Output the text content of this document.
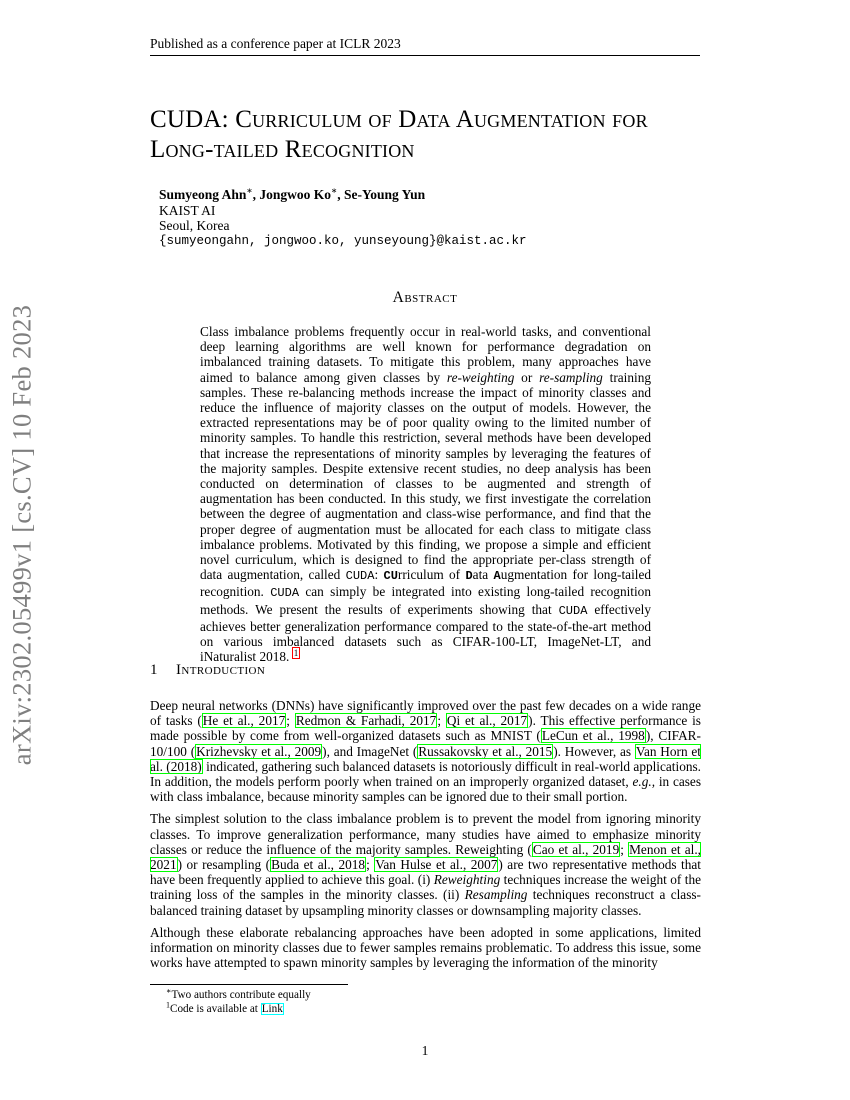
Published as a conference paper at ICLR 2023
arXiv:2302.05499v1 [cs.CV] 10 Feb 2023
CUDA: Curriculum of Data Augmentation for
Long-tailed Recognition
Sumyeong Ahn∗, Jongwoo Ko∗, Se-Young Yun
KAIST AI
Seoul, Korea
{sumyeongahn, jongwoo.ko, yunseyoung}@kaist.ac.kr
Abstract
Class imbalance problems frequently occur in real-world tasks, and conventional deep learning algorithms are well known for performance degradation on imbalanced training datasets. To mitigate this problem, many approaches have aimed to balance among given classes by re-weighting or re-sampling training samples. These re-balancing methods increase the impact of minority classes and reduce the influence of majority classes on the output of models. However, the extracted representations may be of poor quality owing to the limited number of minority samples. To handle this restriction, several methods have been developed that increase the representations of minority samples by leveraging the features of the majority samples. Despite extensive recent studies, no deep analysis has been conducted on determination of classes to be augmented and strength of augmentation has been conducted. In this study, we first investigate the correlation between the degree of augmentation and class-wise performance, and find that the proper degree of augmentation must be allocated for each class to mitigate class imbalance problems. Motivated by this finding, we propose a simple and efficient novel curriculum, which is designed to find the appropriate per-class strength of data augmentation, called CUDA: CUrriculum of Data Augmentation for long-tailed recognition. CUDA can simply be integrated into existing long-tailed recognition methods. We present the results of experiments showing that CUDA effectively achieves better generalization performance compared to the state-of-the-art method on various imbalanced datasets such as CIFAR-100-LT, ImageNet-LT, and iNaturalist 2018. $^1$
1 Introduction

Deep neural networks (DNNs) have significantly improved over the past few decades on a wide range of tasks (He et al., 2017; Redmon & Farhadi, 2017; Qi et al., 2017). This effective performance is made possible by come from well-organized datasets such as MNIST (LeCun et al., 1998), CIFAR-10/100 (Krizhevsky et al., 2009), and ImageNet (Russakovsky et al., 2015). However, as Van Horn et al. (2018) indicated, gathering such balanced datasets is notoriously difficult in real-world applications. In addition, the models perform poorly when trained on an improperly organized dataset, e.g., in cases with class imbalance, because minority samples can be ignored due to their small portion.

The simplest solution to the class imbalance problem is to prevent the model from ignoring minority classes. To improve generalization performance, many studies have aimed to emphasize minority classes or reduce the influence of the majority samples. Reweighting (Cao et al., 2019; Menon et al., 2021) or resampling (Buda et al., 2018; Van Hulse et al., 2007) are two representative methods that have been frequently applied to achieve this goal. (i) Reweighting techniques increase the weight of the training loss of the samples in the minority classes. (ii) Resampling techniques reconstruct a class-balanced training dataset by upsampling minority classes or downsampling majority classes.

Although these elaborate rebalancing approaches have been adopted in some applications, limited information on minority classes due to fewer samples remains problematic. To address this issue, some works have attempted to spawn minority samples by leveraging the information of the minority

∗Two authors contribute equally
$^1$Code is available at Link
1
